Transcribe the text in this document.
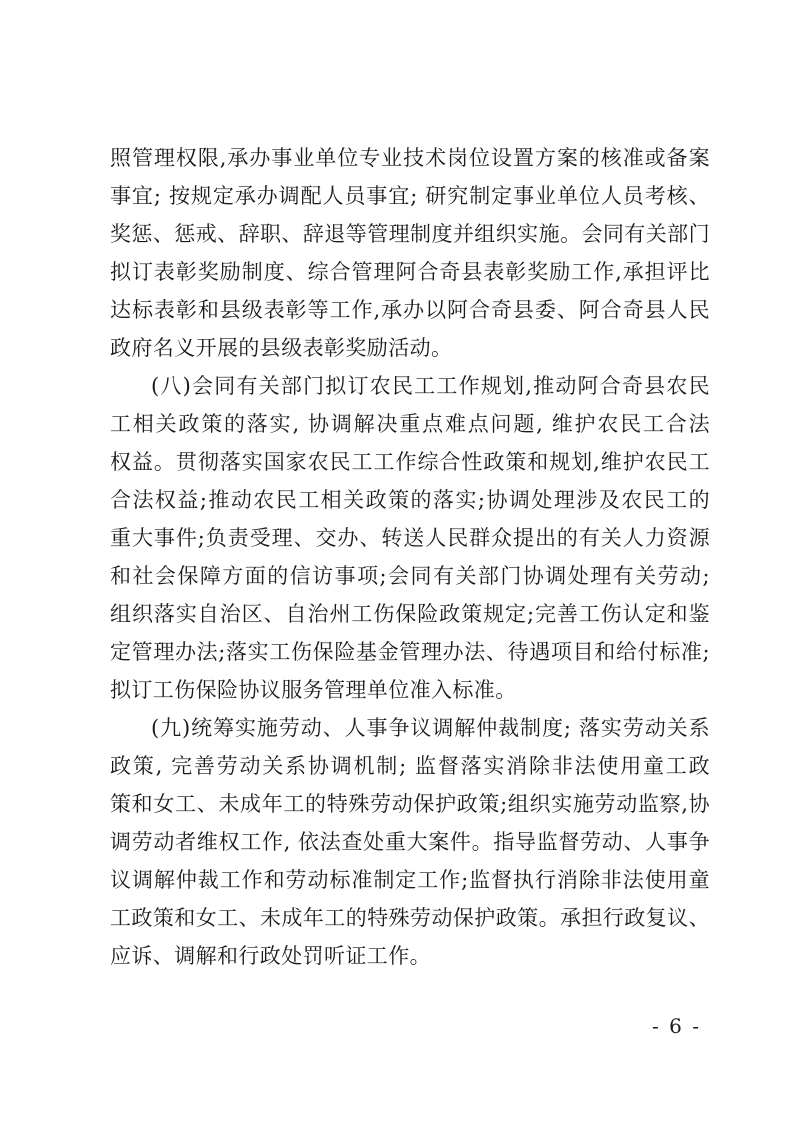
照管理权限,承办事业单位专业技术岗位设置方案的核准或备案
事宜; 按规定承办调配人员事宜; 研究制定事业单位人员考核、
奖惩、惩戒、辞职、辞退等管理制度并组织实施。会同有关部门
拟订表彰奖励制度、综合管理阿合奇县表彰奖励工作,承担评比
达标表彰和县级表彰等工作,承办以阿合奇县委、阿合奇县人民
政府名义开展的县级表彰奖励活动。
(八)会同有关部门拟订农民工工作规划,推动阿合奇县农民
工相关政策的落实, 协调解决重点难点问题, 维护农民工合法
权益。贯彻落实国家农民工工作综合性政策和规划,维护农民工
合法权益;推动农民工相关政策的落实;协调处理涉及农民工的
重大事件;负责受理、交办、转送人民群众提出的有关人力资源
和社会保障方面的信访事项;会同有关部门协调处理有关劳动;
组织落实自治区、自治州工伤保险政策规定;完善工伤认定和鉴
定管理办法;落实工伤保险基金管理办法、待遇项目和给付标准;
拟订工伤保险协议服务管理单位准入标准。
(九)统筹实施劳动、人事争议调解仲裁制度; 落实劳动关系
政策, 完善劳动关系协调机制; 监督落实消除非法使用童工政
策和女工、未成年工的特殊劳动保护政策;组织实施劳动监察,协
调劳动者维权工作, 依法查处重大案件。指导监督劳动、人事争
议调解仲裁工作和劳动标准制定工作;监督执行消除非法使用童
工政策和女工、未成年工的特殊劳动保护政策。承担行政复议、
应诉、调解和行政处罚听证工作。
- 6 -
